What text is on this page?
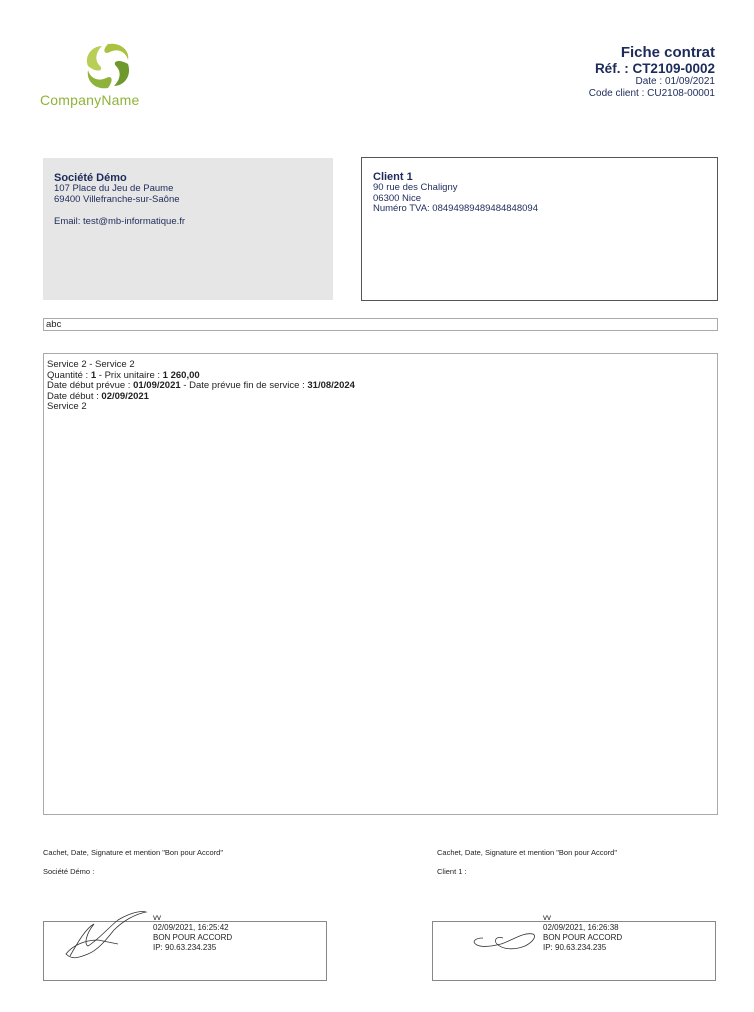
CompanyName
Fiche contrat
Réf. : CT2109-0002
Date : 01/09/2021
Code client : CU2108-00001
Société Démo
107 Place du Jeu de Paume
69400 Villefranche-sur-Saône
Email: test@mb-informatique.fr
Client 1
90 rue des Chaligny
06300 Nice
Numéro TVA: 08494989489484848094
abc
Service 2 - Service 2
Quantité : 1 - Prix unitaire : 1 260,00
Date début prévue : 01/09/2021 - Date prévue fin de service : 31/08/2024
Date début : 02/09/2021
Service 2
Cachet, Date, Signature et mention "Bon pour Accord"
Société Démo :
vv
02/09/2021, 16:25:42
BON POUR ACCORD
IP: 90.63.234.235
Cachet, Date, Signature et mention "Bon pour Accord"
Client 1 :
vv
02/09/2021, 16:26:38
BON POUR ACCORD
IP: 90.63.234.235
